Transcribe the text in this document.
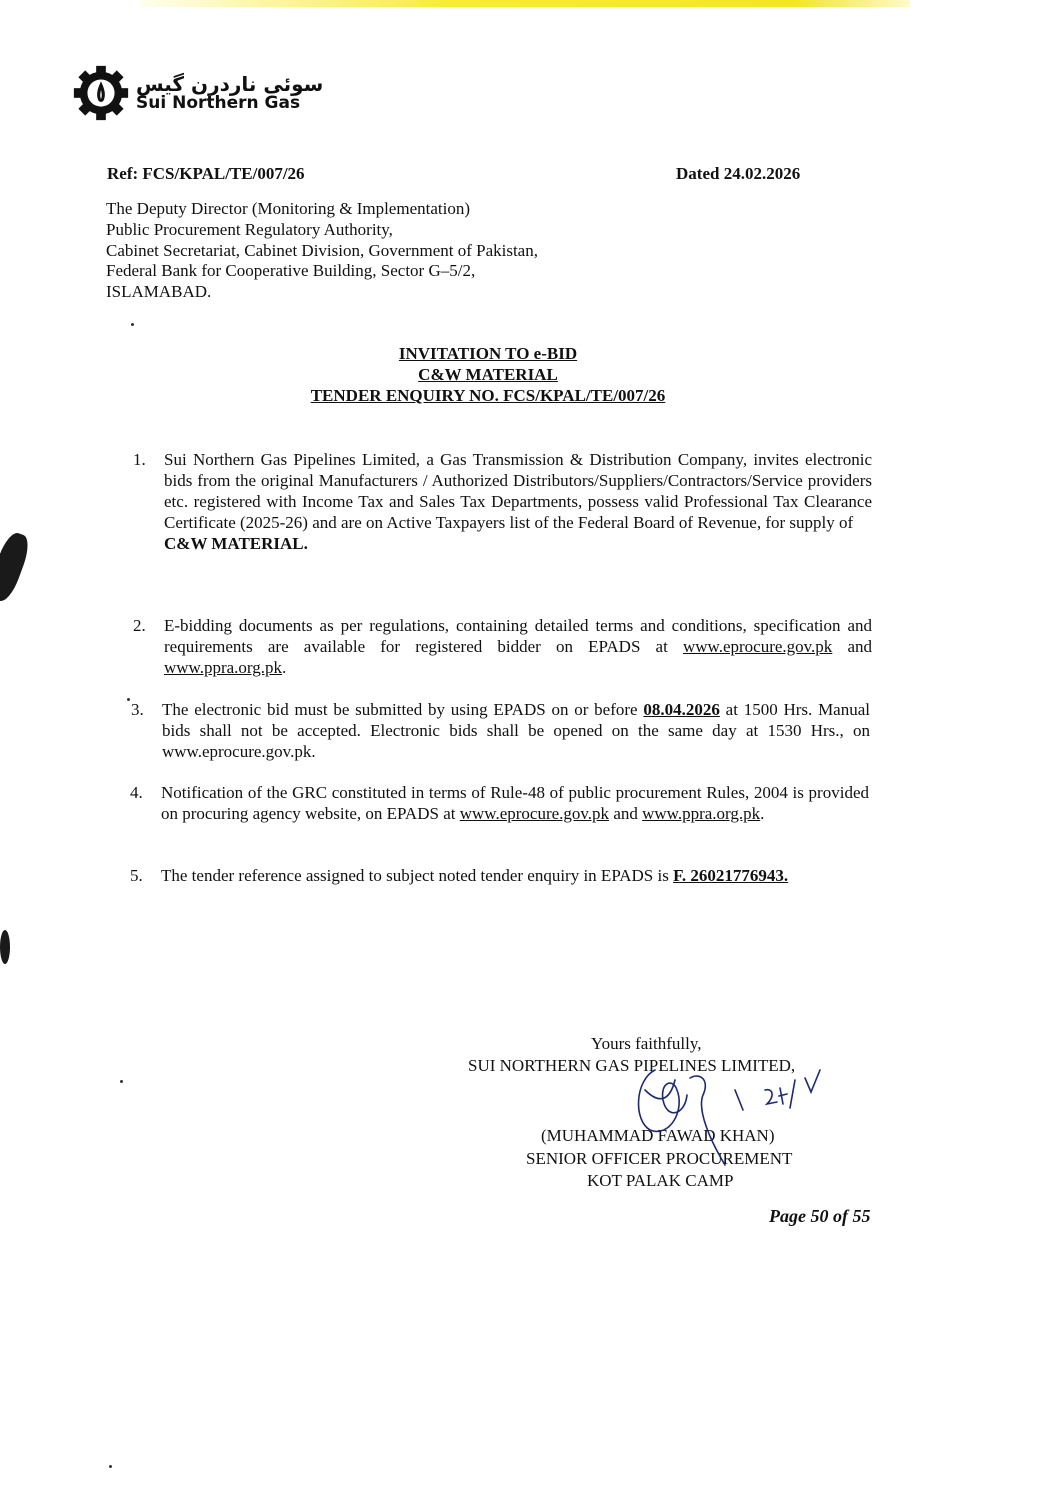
سوئی ناردرن گیس
Sui Northern Gas
Ref: FCS/KPAL/TE/007/26	Dated 24.02.2026
The Deputy Director (Monitoring & Implementation)
Public Procurement Regulatory Authority,
Cabinet Secretariat, Cabinet Division, Government of Pakistan,
Federal Bank for Cooperative Building, Sector G–5/2,
ISLAMABAD.
INVITATION TO e-BID
C&W MATERIAL
TENDER ENQUIRY NO. FCS/KPAL/TE/007/26
1. Sui Northern Gas Pipelines Limited, a Gas Transmission & Distribution Company, invites electronic bids from the original Manufacturers / Authorized Distributors/Suppliers/Contractors/Service providers etc. registered with Income Tax and Sales Tax Departments, possess valid Professional Tax Clearance Certificate (2025-26) and are on Active Taxpayers list of the Federal Board of Revenue, for supply of
C&W MATERIAL.
2. E-bidding documents as per regulations, containing detailed terms and conditions, specification and requirements are available for registered bidder on EPADS at www.eprocure.gov.pk and www.ppra.org.pk.
3. The electronic bid must be submitted by using EPADS on or before 08.04.2026 at 1500 Hrs. Manual bids shall not be accepted. Electronic bids shall be opened on the same day at 1530 Hrs., on www.eprocure.gov.pk.
4. Notification of the GRC constituted in terms of Rule-48 of public procurement Rules, 2004 is provided on procuring agency website, on EPADS at www.eprocure.gov.pk and www.ppra.org.pk.
5. The tender reference assigned to subject noted tender enquiry in EPADS is F. 26021776943.
Yours faithfully,
SUI NORTHERN GAS PIPELINES LIMITED,
(MUHAMMAD FAWAD KHAN)
SENIOR OFFICER PROCUREMENT
KOT PALAK CAMP
Page 50 of 55
